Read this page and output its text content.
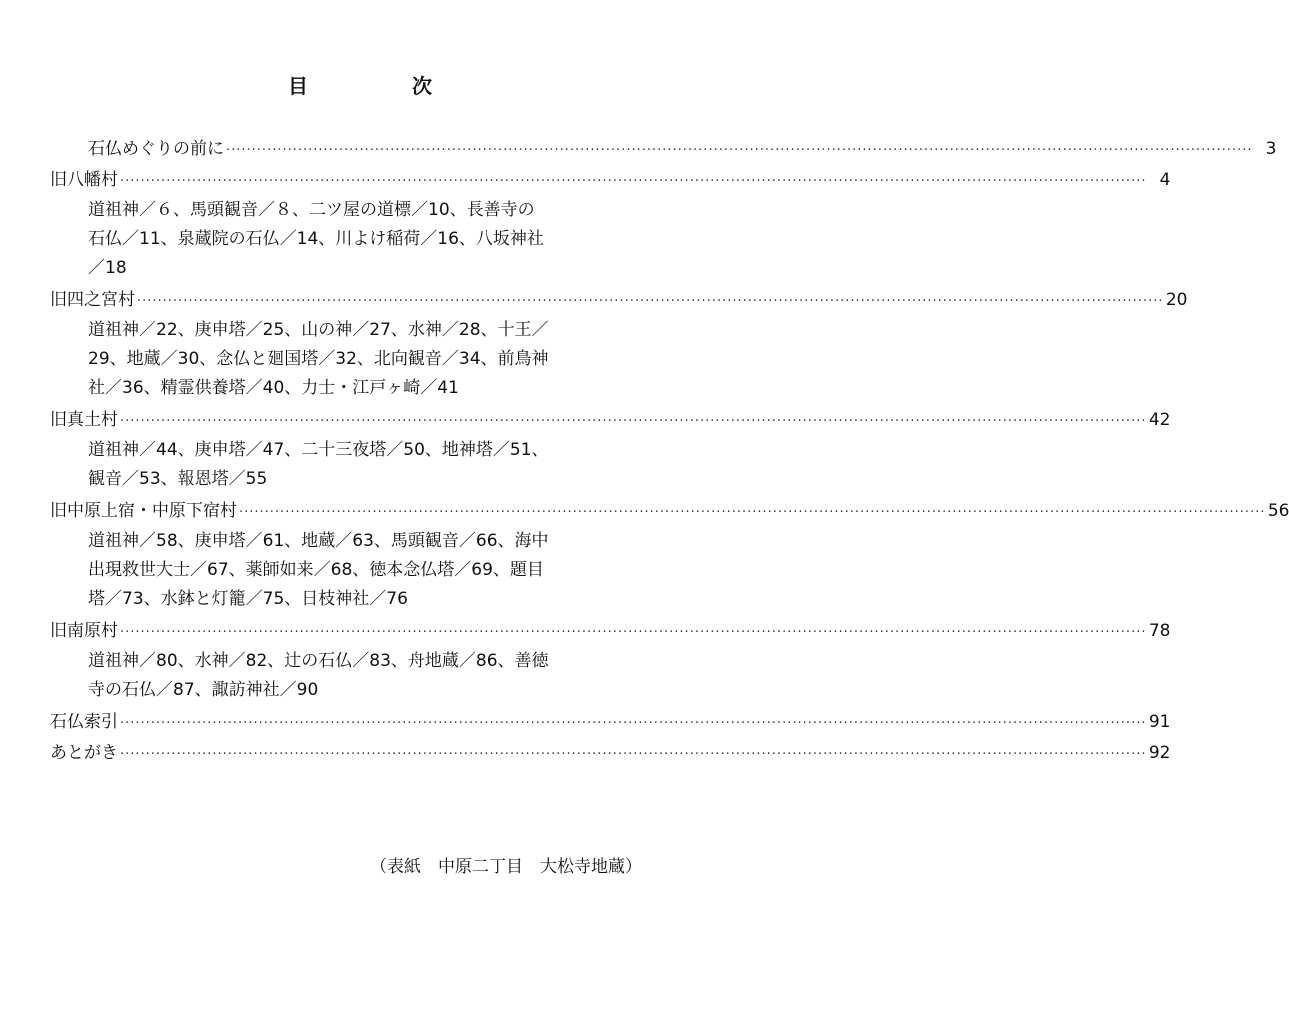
目　次
石仏めぐりの前に ········································································································································································································ 3
旧八幡村 ········································································································································································································ 4
道祖神／６、馬頭観音／８、二ツ屋の道標／10、長善寺の
石仏／11、泉蔵院の石仏／14、川よけ稲荷／16、八坂神社
／18
旧四之宮村 ········································································································································································································ 20
道祖神／22、庚申塔／25、山の神／27、水神／28、十王／
29、地蔵／30、念仏と廻国塔／32、北向観音／34、前鳥神
社／36、精霊供養塔／40、力士・江戸ヶ崎／41
旧真土村 ········································································································································································································ 42
道祖神／44、庚申塔／47、二十三夜塔／50、地神塔／51、
観音／53、報恩塔／55
旧中原上宿・中原下宿村 ········································································································································································································ 56
道祖神／58、庚申塔／61、地蔵／63、馬頭観音／66、海中
出現救世大士／67、薬師如来／68、徳本念仏塔／69、題目
塔／73、水鉢と灯籠／75、日枝神社／76
旧南原村 ········································································································································································································ 78
道祖神／80、水神／82、辻の石仏／83、舟地蔵／86、善徳
寺の石仏／87、諏訪神社／90
石仏索引 ········································································································································································································ 91
あとがき ········································································································································································································ 92
（表紙　中原二丁目　大松寺地蔵）
